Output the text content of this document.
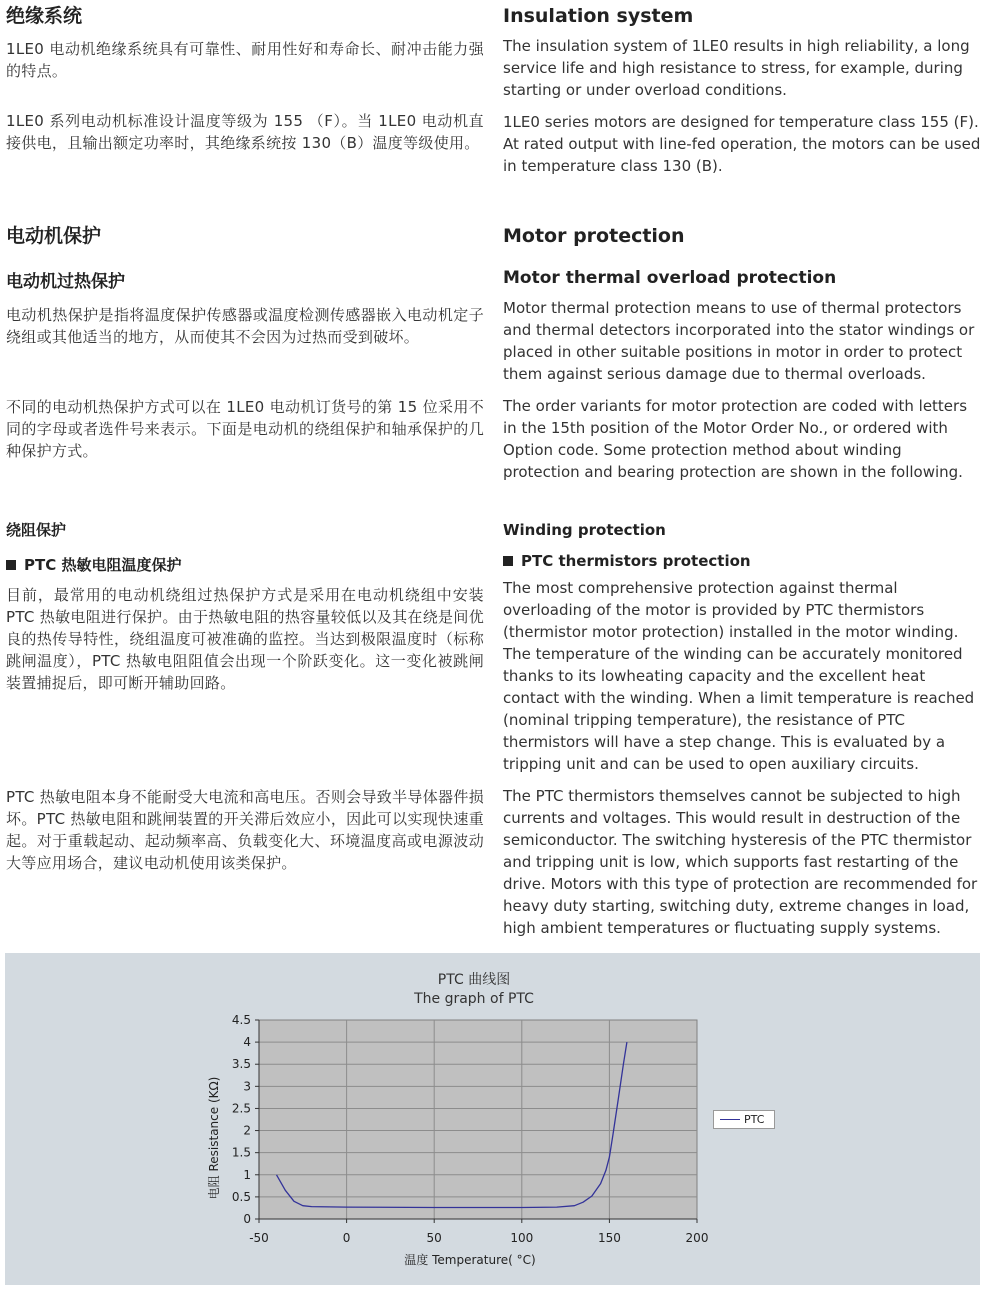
绝缘系统
1LE0 电动机绝缘系统具有可靠性、耐用性好和寿命长、耐冲击能力强的特点。
1LE0 系列电动机标准设计温度等级为 155 （F）。当 1LE0 电动机直接供电，且输出额定功率时，其绝缘系统按 130（B）温度等级使用。
电动机保护
电动机过热保护
电动机热保护是指将温度保护传感器或温度检测传感器嵌入电动机定子绕组或其他适当的地方，从而使其不会因为过热而受到破坏。
不同的电动机热保护方式可以在 1LE0 电动机订货号的第 15 位采用不同的字母或者选件号来表示。下面是电动机的绕组保护和轴承保护的几种保护方式。
绕阻保护
PTC 热敏电阻温度保护
目前，最常用的电动机绕组过热保护方式是采用在电动机绕组中安装 PTC 热敏电阻进行保护。由于热敏电阻的热容量较低以及其在绕是间优良的热传导特性，绕组温度可被准确的监控。当达到极限温度时（标称跳闸温度），PTC 热敏电阻阻值会出现一个阶跃变化。这一变化被跳闸装置捕捉后，即可断开辅助回路。
PTC 热敏电阻本身不能耐受大电流和高电压。否则会导致半导体器件损坏。PTC 热敏电阻和跳闸装置的开关滞后效应小，因此可以实现快速重起。对于重载起动、起动频率高、负载变化大、环境温度高或电源波动大等应用场合，建议电动机使用该类保护。
Insulation system
The insulation system of 1LE0 results in high reliability, a long service life and high resistance to stress, for example, during starting or under overload conditions.
1LE0 series motors are designed for temperature class 155 (F). At rated output with line-fed operation, the motors can be used in temperature class 130 (B).
Motor protection
Motor thermal overload protection
Motor thermal protection means to use of thermal protectors and thermal detectors incorporated into the stator windings or placed in other suitable positions in motor in order to protect them against serious damage due to thermal overloads.
The order variants for motor protection are coded with letters in the 15th position of the Motor Order No., or ordered with Option code. Some protection method about winding protection and bearing protection are shown in the following.
Winding protection
PTC thermistors protection
The most comprehensive protection against thermal overloading of the motor is provided by PTC thermistors (thermistor motor protection) installed in the motor winding. The temperature of the winding can be accurately monitored thanks to its lowheating capacity and the excellent heat contact with the winding. When a limit temperature is reached (nominal tripping temperature), the resistance of PTC thermistors will have a step change. This is evaluated by a tripping unit and can be used to open auxiliary circuits.
The PTC thermistors themselves cannot be subjected to high currents and voltages. This would result in destruction of the semiconductor. The switching hysteresis of the PTC thermistor and tripping unit is low, which supports fast restarting of the drive. Motors with this type of protection are recommended for heavy duty starting, switching duty, extreme changes in load, high ambient temperatures or fluctuating supply systems.
0
0.5
1
1.5
2
2.5
3
3.5
4
4.5
-50	0	50	100	150	200
PTC 曲线图
The graph of PTC
温度 Temperature( °C)
电阻 Resistance (KΩ)	PTC
